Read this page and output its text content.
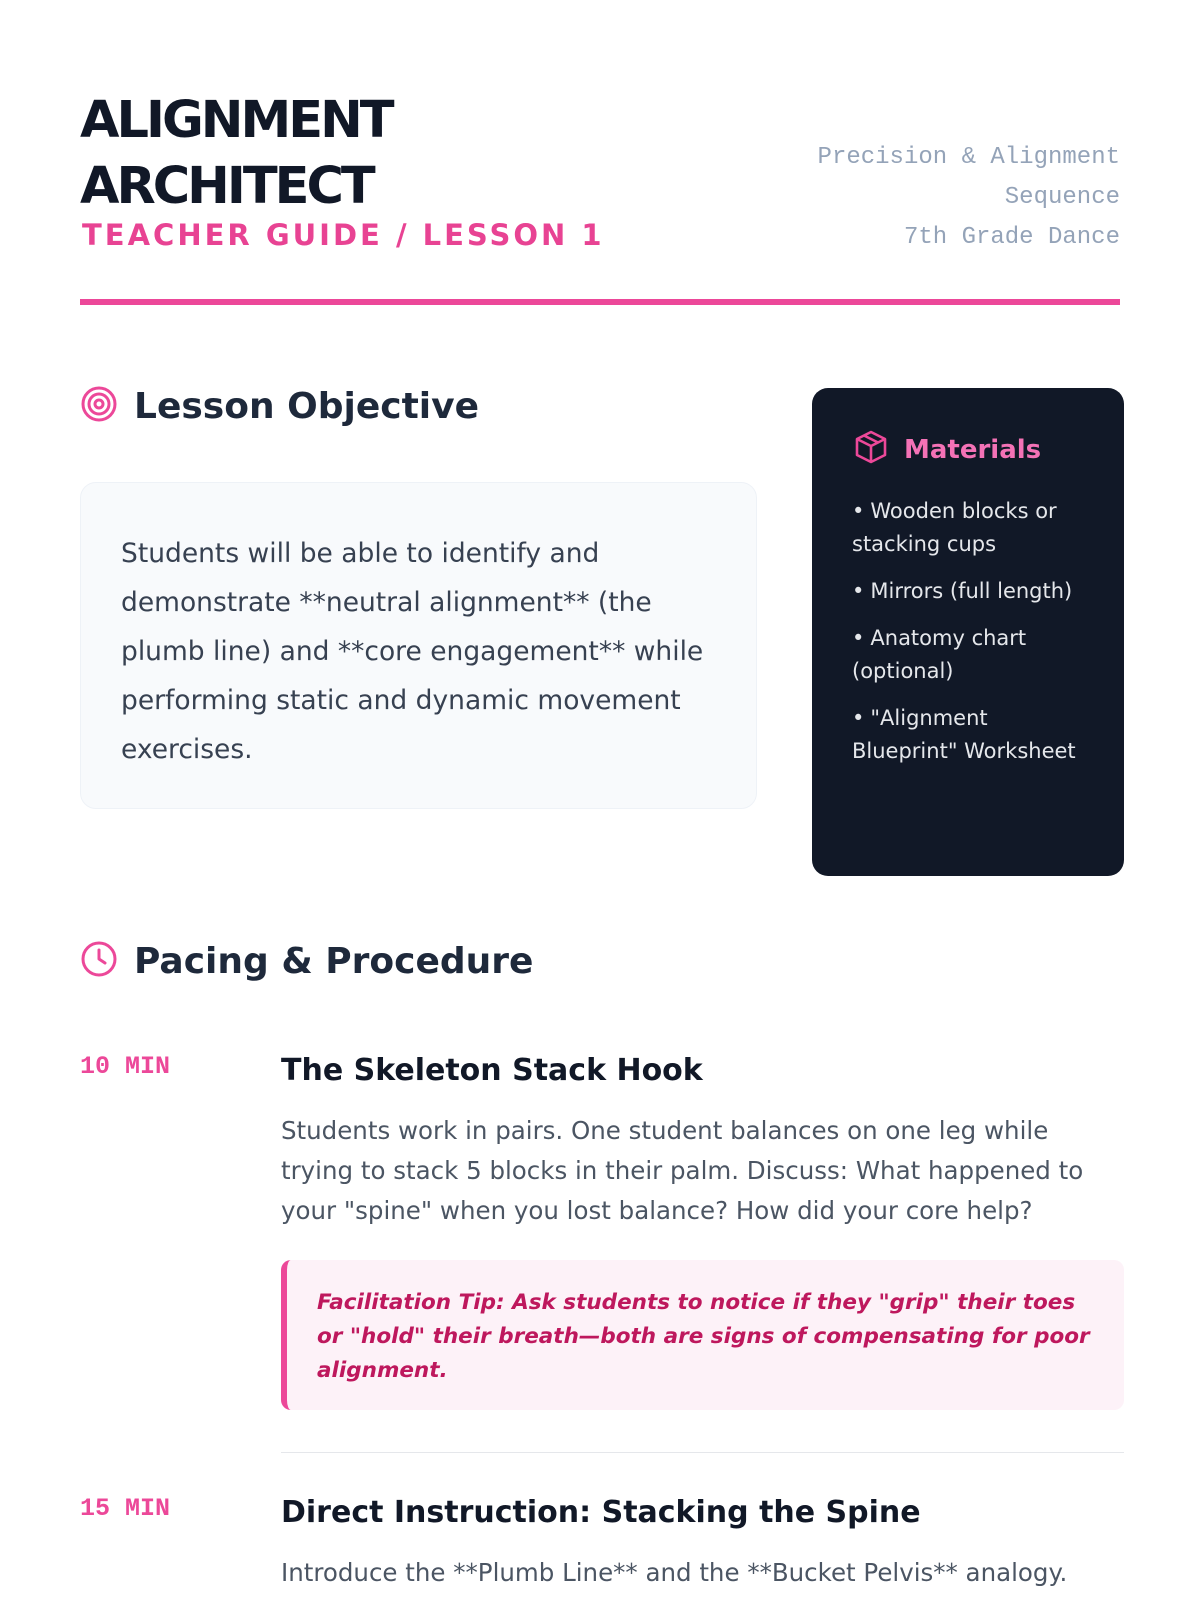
ALIGNMENT ARCHITECT
TEACHER GUIDE / LESSON 1
Precision & Alignment
Sequence
7th Grade Dance
Lesson Objective

Students will be able to identify and demonstrate **neutral alignment** (the plumb line) and **core engagement** while performing static and dynamic movement exercises.

Materials
• Wooden blocks or stacking cups
• Mirrors (full length)
• Anatomy chart (optional)
• "Alignment Blueprint" Worksheet
Pacing & Procedure
10 MIN	The Skeleton Stack Hook
Students work in pairs. One student balances on one leg while trying to stack 5 blocks in their palm. Discuss: What happened to your "spine" when you lost balance? How did your core help?

Facilitation Tip: Ask students to notice if they "grip" their toes or "hold" their breath—both are signs of compensating for poor alignment.

15 MIN	Direct Instruction: Stacking the Spine
Introduce the **Plumb Line** and the **Bucket Pelvis** analogy.
